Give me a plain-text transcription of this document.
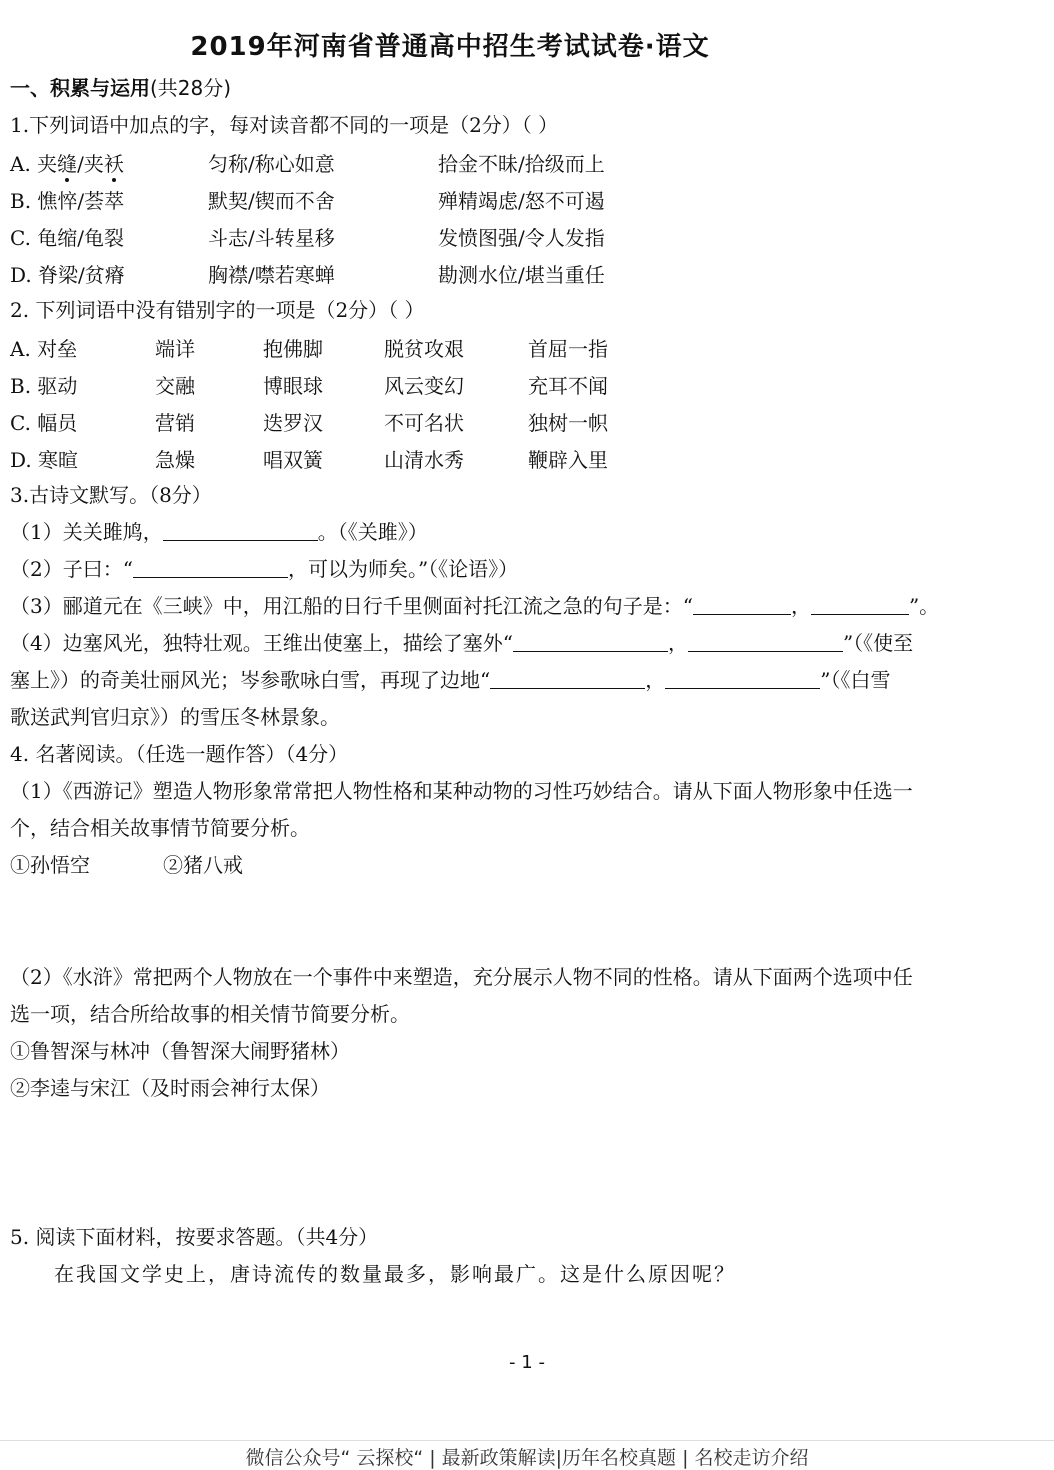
2019年河南省普通高中招生考试试卷·语文
一、积累与运用(共28分)
1.下列词语中加点的字，每对读音都不同的一项是（2分）（ ）
A. 夹缝/夹袄	匀称/称心如意	拾金不昧/拾级而上
B. 憔悴/荟萃	默契/锲而不舍	殚精竭虑/怒不可遏
C. 龟缩/龟裂	斗志/斗转星移	发愤图强/令人发指
D. 脊梁/贫瘠	胸襟/噤若寒蝉	勘测水位/堪当重任
2. 下列词语中没有错别字的一项是（2分）（ ）
A. 对垒	端详	抱佛脚	脱贫攻艰	首屈一指
B. 驱动	交融	博眼球	风云变幻	充耳不闻
C. 幅员	营销	迭罗汉	不可名状	独树一帜
D. 寒暄	急燥	唱双簧	山清水秀	鞭辟入里
3.古诗文默写。（8分）
（1）关关雎鸠，	。（《关雎》）
（2）子曰：“	，可以为师矣。”（《论语》）
（3）郦道元在《三峡》中，用江船的日行千里侧面衬托江流之急的句子是：“	，	”。
（4）边塞风光，独特壮观。王维出使塞上，描绘了塞外“	，	”（《使至
塞上》）的奇美壮丽风光；岑参歌咏白雪，再现了边地“	，	”（《白雪
歌送武判官归京》）的雪压冬林景象。
4. 名著阅读。（任选一题作答）（4分）
（1）《西游记》塑造人物形象常常把人物性格和某种动物的习性巧妙结合。请从下面人物形象中任选一
个，结合相关故事情节简要分析。
①孙悟空	②猪八戒
（2）《水浒》常把两个人物放在一个事件中来塑造，充分展示人物不同的性格。请从下面两个选项中任
选一项，结合所给故事的相关情节简要分析。
①鲁智深与林冲（鲁智深大闹野猪林）
②李逵与宋江（及时雨会神行太保）
5. 阅读下面材料，按要求答题。（共4分）
在我国文学史上，唐诗流传的数量最多，影响最广。这是什么原因呢？
- 1 -
微信公众号“ 云探校“ | 最新政策解读|历年名校真题 | 名校走访介绍
